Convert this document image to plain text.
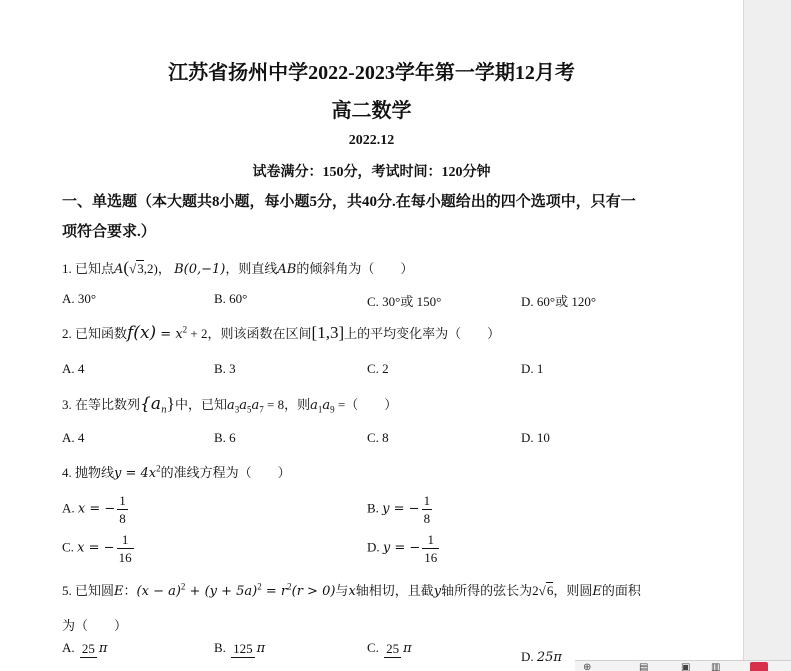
江苏省扬州中学2022-2023学年第一学期12月考
高二数学
2022.12
试卷满分：150分，考试时间：120分钟
一、单选题（本大题共8小题，每小题5分，共40分.在每小题给出的四个选项中，只有一
项符合要求.）
1. 已知点A(√3,2)， B(0,−1)，则直线AB的倾斜角为（　　）
A. 30°	B. 60°	C. 30°或 150°	D. 60°或 120°
2. 已知函数$f(x) = x^2 + 2$，则该函数在区间[1,3]上的平均变化率为（　　）
A. 4	B. 3	C. 2	D. 1
3. 在等比数列$\{a_n\}$中，已知$a_3a_5a_7 = 8$，则$a_1a_9$ =（　　）
A. 4	B. 6	C. 8	D. 10
4. 抛物线$y = 4x^2$的准线方程为（　　）
A. x = − $\frac{1}{8}$	B. y = − $\frac{1}{8}$
C. x = − $\frac{1}{16}$	D. y = − $\frac{1}{16}$
5. 已知圆E：$(x - a)^2 + (y + 5a)^2 = r^2(r > 0)$与x轴相切，且截y轴所得的弦长为2√6，则圆E的面积
为（　　）
A. 25 π	B. 125 π	C. 25 π
D. 25π
⊕	▤	▣ ▥
